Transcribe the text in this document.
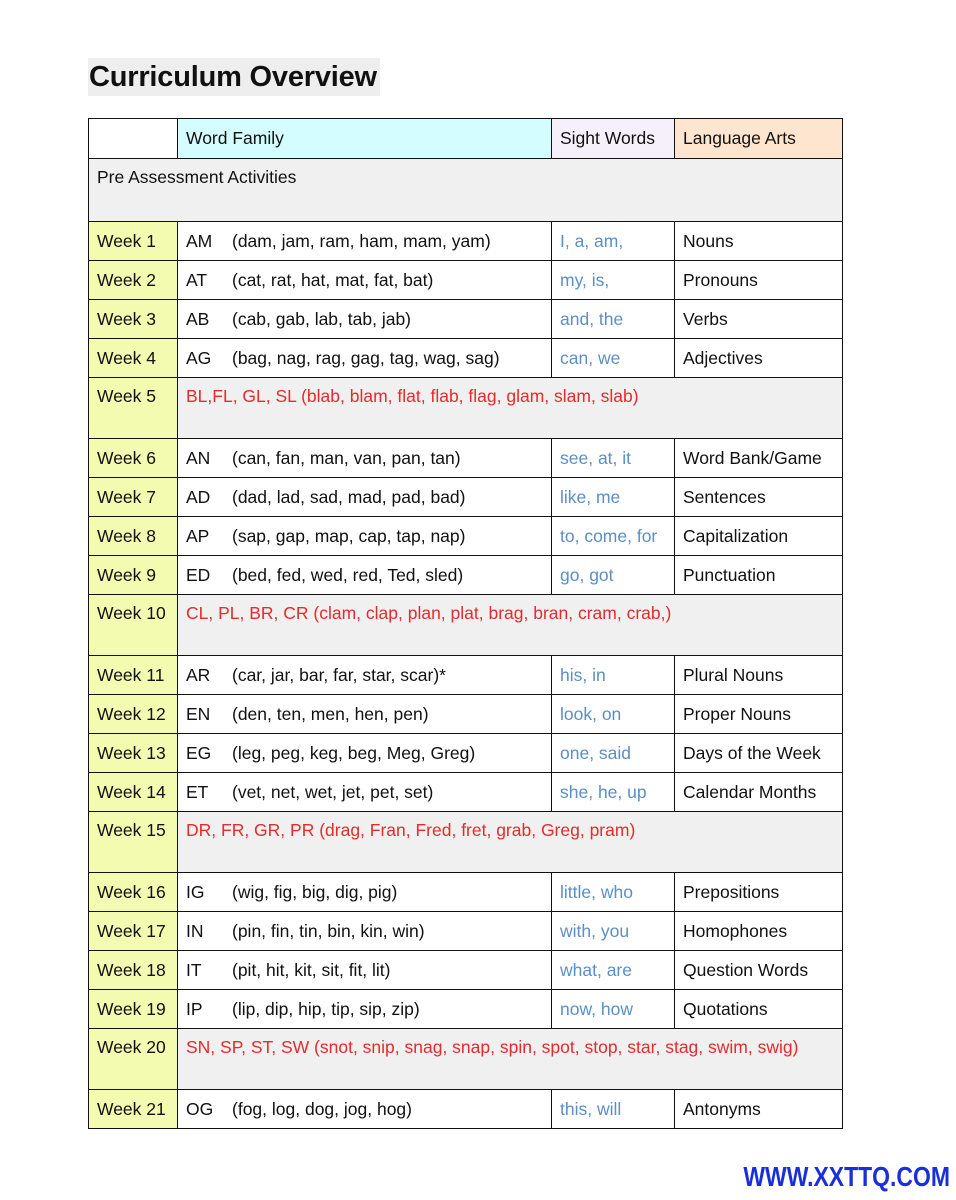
Curriculum Overview
	Word Family	Sight Words	Language Arts
Pre Assessment Activities			
Week 1	AM (dam, jam, ram, ham, mam, yam)	I, a, am,	Nouns
Week 2	AT (cat, rat, hat, mat, fat, bat)	my, is,	Pronouns
Week 3	AB (cab, gab, lab, tab, jab)	and, the	Verbs
Week 4	AG (bag, nag, rag, gag, tag, wag, sag)	can, we	Adjectives
Week 5	BL,FL, GL, SL (blab, blam, flat, flab, flag, glam, slam, slab)		
Week 6	AN (can, fan, man, van, pan, tan)	see, at, it	Word Bank/Game
Week 7	AD (dad, lad, sad, mad, pad, bad)	like, me	Sentences
Week 8	AP (sap, gap, map, cap, tap, nap)	to, come, for	Capitalization
Week 9	ED (bed, fed, wed, red, Ted, sled)	go, got	Punctuation
Week 10	CL, PL, BR, CR (clam, clap, plan, plat, brag, bran, cram, crab,)		
Week 11	AR (car, jar, bar, far, star, scar)*	his, in	Plural Nouns
Week 12	EN (den, ten, men, hen, pen)	look, on	Proper Nouns
Week 13	EG (leg, peg, keg, beg, Meg, Greg)	one, said	Days of the Week
Week 14	ET (vet, net, wet, jet, pet, set)	she, he, up	Calendar Months
Week 15	DR, FR, GR, PR (drag, Fran, Fred, fret, grab, Greg, pram)		
Week 16	IG (wig, fig, big, dig, pig)	little, who	Prepositions
Week 17	IN (pin, fin, tin, bin, kin, win)	with, you	Homophones
Week 18	IT (pit, hit, kit, sit, fit, lit)	what, are	Question Words
Week 19	IP (lip, dip, hip, tip, sip, zip)	now, how	Quotations
Week 20	SN, SP, ST, SW (snot, snip, snag, snap, spin, spot, stop, star, stag, swim, swig)		
Week 21	OG (fog, log, dog, jog, hog)	this, will	Antonyms
WWW.XXTTQ.COM
